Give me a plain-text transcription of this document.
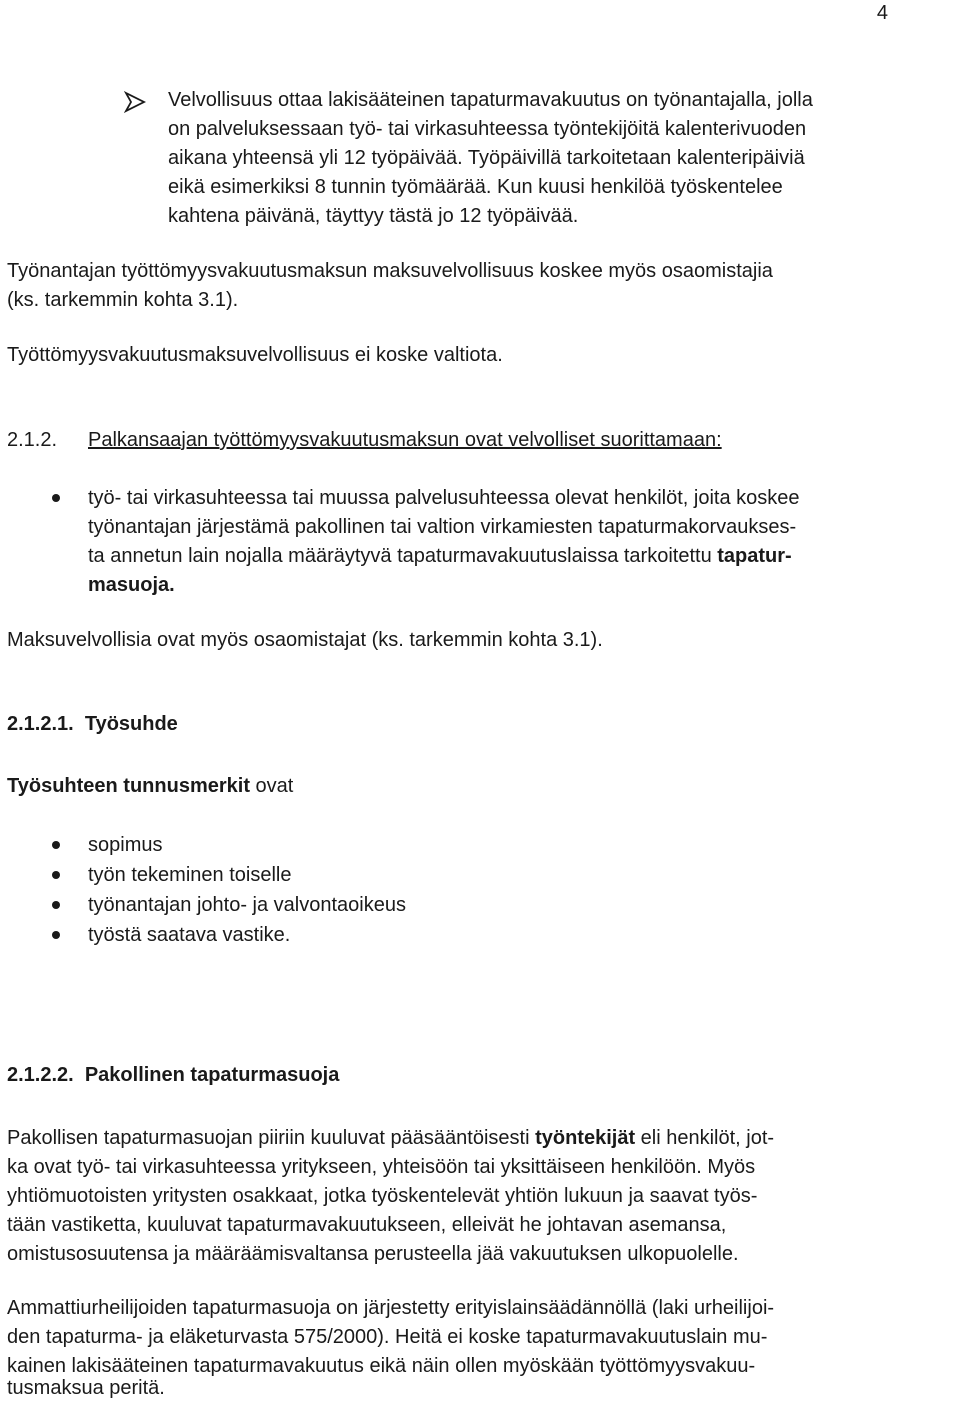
4
Velvollisuus ottaa lakisääteinen tapaturmavakuutus on työnantajalla, jolla
on palveluksessaan työ- tai virkasuhteessa työntekijöitä kalenterivuoden
aikana yhteensä yli 12 työpäivää. Työpäivillä tarkoitetaan kalenteripäiviä
eikä esimerkiksi 8 tunnin työmäärää. Kun kuusi henkilöä työskentelee
kahtena päivänä, täyttyy tästä jo 12 työpäivää.
Työnantajan työttömyysvakuutusmaksun maksuvelvollisuus koskee myös osaomistajia
(ks. tarkemmin kohta 3.1).
Työttömyysvakuutusmaksuvelvollisuus ei koske valtiota.
2.1.2. Palkansaajan työttömyysvakuutusmaksun ovat velvolliset suorittamaan:
työ- tai virkasuhteessa tai muussa palvelusuhteessa olevat henkilöt, joita koskee
työnantajan järjestämä pakollinen tai valtion virkamiesten tapaturmakorvaukses-
ta annetun lain nojalla määräytyvä tapaturmavakuutuslaissa tarkoitettu tapatur-
masuoja.
Maksuvelvollisia ovat myös osaomistajat (ks. tarkemmin kohta 3.1).
2.1.2.1.  Työsuhde
Työsuhteen tunnusmerkit ovat
sopimus
työn tekeminen toiselle
työnantajan johto- ja valvontaoikeus
työstä saatava vastike.
2.1.2.2.  Pakollinen tapaturmasuoja
Pakollisen tapaturmasuojan piiriin kuuluvat pääsääntöisesti työntekijät eli henkilöt, jot-
ka ovat työ- tai virkasuhteessa yritykseen, yhteisöön tai yksittäiseen henkilöön. Myös
yhtiömuotoisten yritysten osakkaat, jotka työskentelevät yhtiön lukuun ja saavat työs-
tään vastiketta, kuuluvat tapaturmavakuutukseen, elleivät he johtavan asemansa,
omistusosuutensa ja määräämisvaltansa perusteella jää vakuutuksen ulkopuolelle.
Ammattiurheilijoiden tapaturmasuoja on järjestetty erityislainsäädännöllä (laki urheilijoi-
den tapaturma- ja eläketurvasta 575/2000). Heitä ei koske tapaturmavakuutuslain mu-
kainen lakisääteinen tapaturmavakuutus eikä näin ollen myöskään työttömyysvakuu-
tusmaksua peritä.
